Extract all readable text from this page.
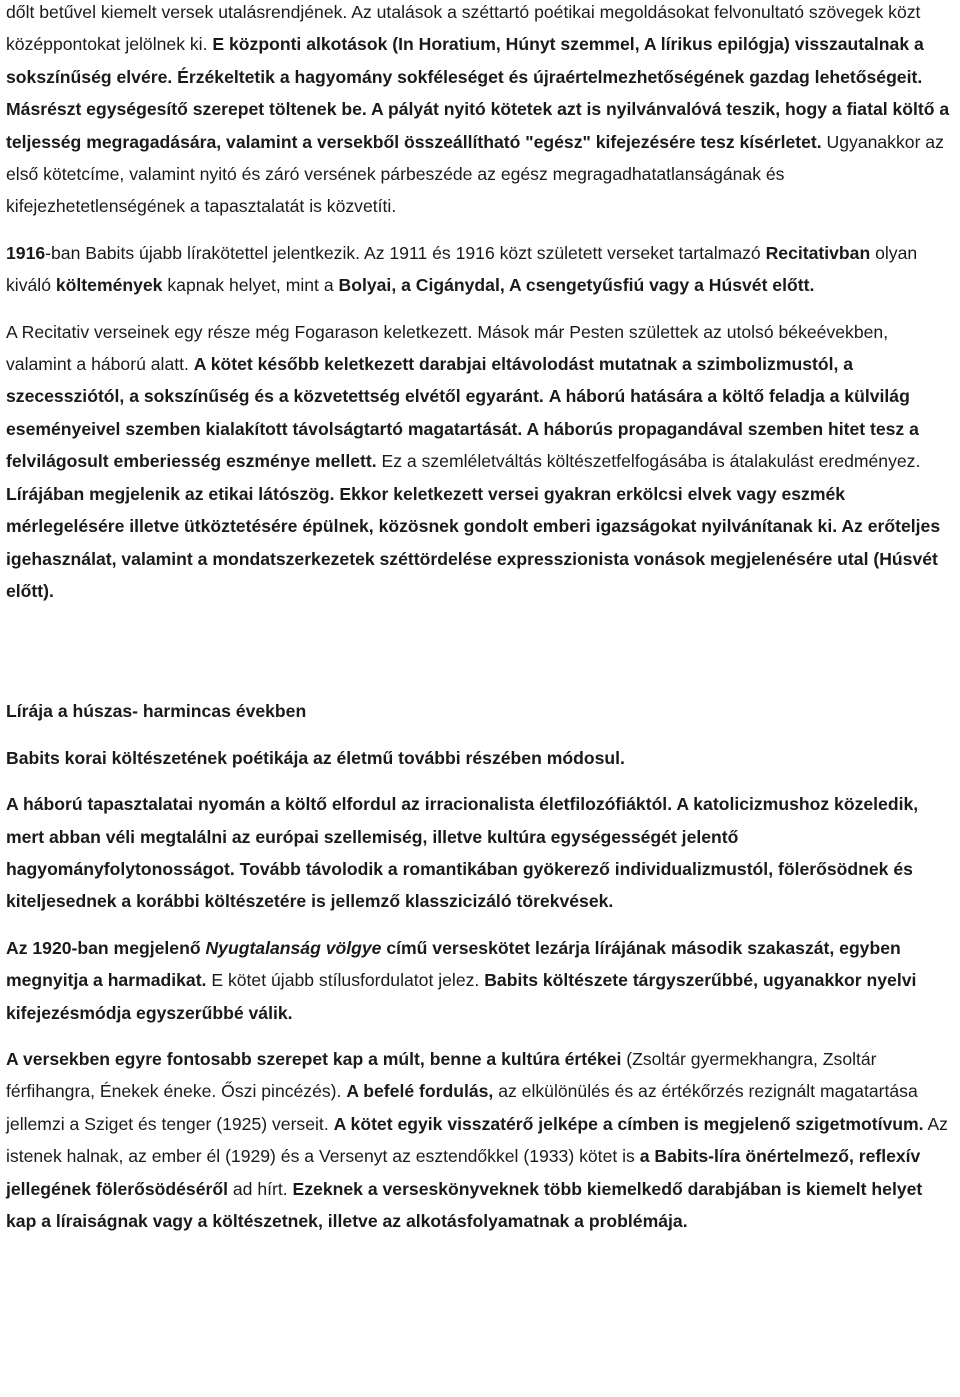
dőlt betűvel kiemelt versek utalásrendjének. Az utalások a széttartó poétikai megoldásokat felvonultató szövegek közt középpontokat jelölnek ki. E központi alkotások (In Horatium, Húnyt szemmel, A lírikus epilógja) visszautalnak a sokszínűség elvére. Érzékeltetik a hagyomány sokféleséget és újraértelmezhetőségének gazdag lehetőségeit. Másrészt egységesítő szerepet töltenek be. A pályát nyitó kötetek azt is nyilvánvalóvá teszik, hogy a fiatal költő a teljesség megragadására, valamint a versekből összeállítható "egész" kifejezésére tesz kísérletet. Ugyanakkor az első kötetcíme, valamint nyitó és záró versének párbeszéde az egész megragadhatatlanságának és kifejezhetetlenségének a tapasztalatát is közvetíti.

1916-ban Babits újabb lírakötettel jelentkezik. Az 1911 és 1916 közt született verseket tartalmazó Recitativban olyan kiváló költemények kapnak helyet, mint a Bolyai, a Cigánydal, A csengetyűsfiú vagy a Húsvét előtt.

A Recitativ verseinek egy része még Fogarason keletkezett. Mások már Pesten születtek az utolsó békeévekben, valamint a háború alatt. A kötet később keletkezett darabjai eltávolodást mutatnak a szimbolizmustól, a szecessziótól, a sokszínűség és a közvetettség elvétől egyaránt. A háború hatására a költő feladja a külvilág eseményeivel szemben kialakított távolságtartó magatartását. A háborús propagandával szemben hitet tesz a felvilágosult emberiesség eszménye mellett. Ez a szemléletváltás költészetfelfogásába is átalakulást eredményez. Lírájában megjelenik az etikai látószög. Ekkor keletkezett versei gyakran erkölcsi elvek vagy eszmék mérlegelésére illetve ütköztetésére épülnek, közösnek gondolt emberi igazságokat nyilvánítanak ki. Az erőteljes igehasználat, valamint a mondatszerkezetek széttördelése expresszionista vonások megjelenésére utal (Húsvét előtt).

Lírája a húszas- harmincas években

Babits korai költészetének poétikája az életmű további részében módosul.

A háború tapasztalatai nyomán a költő elfordul az irracionalista életfilozófiáktól. A katolicizmushoz közeledik, mert abban véli megtalálni az európai szellemiség, illetve kultúra egységességét jelentő hagyományfolytonosságot. Tovább távolodik a romantikában gyökerező individualizmustól, fölerősödnek és kiteljesednek a korábbi költészetére is jellemző klasszicizáló törekvések.

Az 1920-ban megjelenő Nyugtalanság völgye című verseskötet lezárja lírájának második szakaszát, egyben megnyitja a harmadikat. E kötet újabb stílusfordulatot jelez. Babits költészete tárgyszerűbbé, ugyanakkor nyelvi kifejezésmódja egyszerűbbé válik.

A versekben egyre fontosabb szerepet kap a múlt, benne a kultúra értékei (Zsoltár gyermekhangra, Zsoltár férfihangra, Énekek éneke. Őszi pincézés). A befelé fordulás, az elkülönülés és az értékőrzés rezignált magatartása jellemzi a Sziget és tenger (1925) verseit. A kötet egyik visszatérő jelképe a címben is megjelenő szigetmotívum. Az istenek halnak, az ember él (1929) és a Versenyt az esztendőkkel (1933) kötet is a Babits-líra önértelmező, reflexív jellegének fölerősödéséről ad hírt. Ezeknek a verseskönyveknek több kiemelkedő darabjában is kiemelt helyet kap a líraiságnak vagy a költészetnek, illetve az alkotásfolyamatnak a problémája.
